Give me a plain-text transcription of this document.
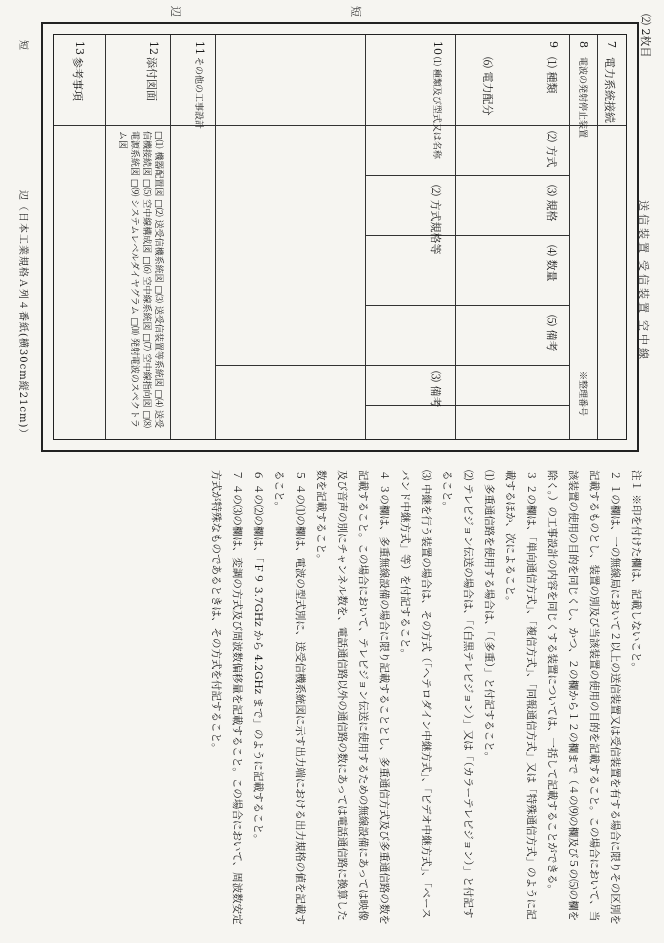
⑵ 2枚目
7
電力系統接続
8
電波の発射停止装置
9
⑴ 種類
⑵ 方式
⑶ 規格
⑷ 数量
⑸ 備考
※整理番号
⑹ 電力配分
10
⑴ 種類及び型式又は名称
⑵ 方式規格等
⑶ 備考
11
その他の工事設計
12
添付図面
□⑴ 機器配置図 □⑵ 送受信機系統図 □⑶ 送受信装置等系統図 □⑷ 送受信機接続図 □⑸ 空中線構成図 □⑹ 空中線系統図 □⑺ 空中線指向図 □⑻ 電源系統図 □⑼ システムレベルダイヤグラム □⑽ 発射電波のスペクトラム図
13
参考事項
送
信
装
置
受
信
装
置
空
中
線
短
辺
短
辺（日本工業規格Ａ列４番紙(横30cm縦21cm)）

注１ ※印を付けた欄は、記載しないこと。

２ １の欄は、一の無線局において２以上の送信装置又は受信装置を有する場合に限りその区別を記載するものとし、装置の別及び当該装置の使用の目的を記載すること。この場合において、当該装置の使用の目的を同じくし、かつ、２の欄から１２の欄まで（４の⑼の欄及び５の⑸の欄を除く。）の工事設計の内容を同じくする装置については、一括して記載することができる。

３ ２の欄は、「単向通信方式」、「複信方式」、「同報通信方式」又は「特殊通信方式」のように記載するほか、次によること。

⑴ 多重通信路を使用する場合は、「（多重）」と付記すること。

⑵ テレビジョン伝送の場合は、「（白黒テレビジョン）」又は「（カラーテレビジョン）」と付記すること。

⑶ 中継を行う装置の場合は、その方式（「ヘテロダイン中継方式」、「ビデオ中継方式」、「ベースバンド中継方式」等）を付記すること。

４ ３の欄は、多重無線設備の場合に限り記載することとし、多重通信方式及び多重通信路の数を記載すること。この場合において、テレビジョン伝送に使用するための無線設備にあっては映像及び音声の別にチャンネル数を、電話通信路以外の通信路の数にあっては電話通信路に換算した数を記載すること。

５ ４の⑴の欄は、電波の型式別に、送受信機系統図に示す出力端における出力規格の値を記載すること。

６ ４の⑵の欄は、「Ｆ９ 3.7GHz から 4.2GHz まで」のように記載すること。

７ ４の⑶の欄は、変調の方式及び周波数偏移量を記載すること。この場合において、周波数安定方式が特殊なものであるときは、その方式を付記すること。
